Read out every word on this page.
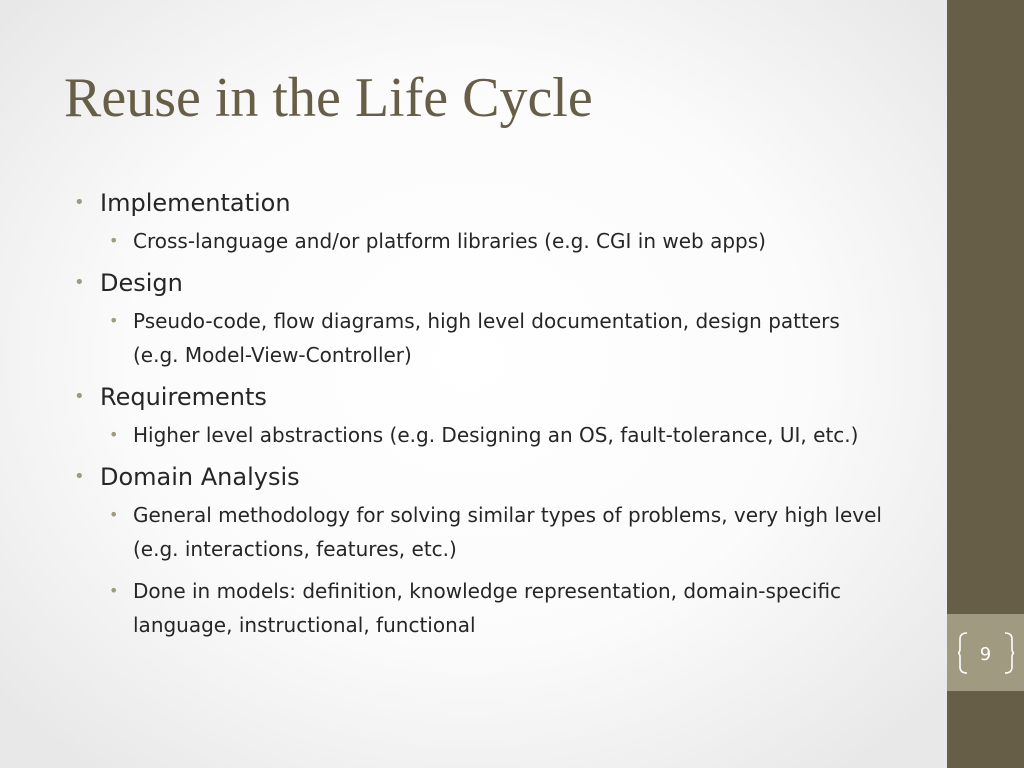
Reuse in the Life Cycle
• Implementation
• Cross-language and/or platform libraries (e.g. CGI in web apps)
• Design
• Pseudo-code, flow diagrams, high level documentation, design patters (e.g. Model-View-Controller)
• Requirements
• Higher level abstractions (e.g. Designing an OS, fault-tolerance, UI, etc.)
• Domain Analysis
• General methodology for solving similar types of problems, very high level (e.g. interactions, features, etc.)
• Done in models: definition, knowledge representation, domain-specific language, instructional, functional
9
